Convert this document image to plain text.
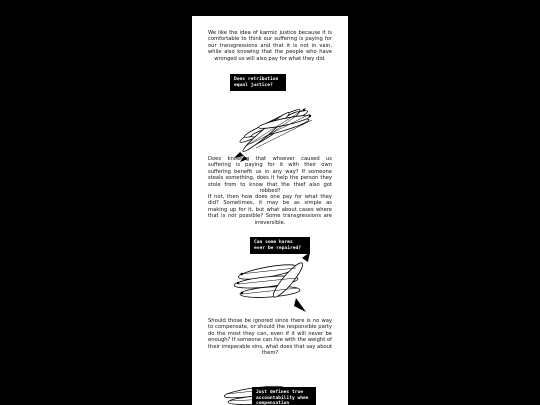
We like the idea of karmic justice because it is comfortable to think our suffering is paying for our transgressions and that it is not in vain, while also knowing that the people who have wronged us will also pay for what they did.
Does retribution equal justice?
Does knowing that whoever caused us suffering is paying for it with their own suffering benefit us in any way? If someone steals something, does it help the person they stole from to know that the thief also got robbed?
If not, then how does one pay for what they did? Sometimes, it may be as simple as making up for it, but what about cases where that is not possible? Some transgressions are irreversible.
Can some harms ever be repaired?
Should those be ignored since there is no way to compensate, or should the responsible party do the most they can, even if it will never be enough? If someone can live with the weight of their irreparable sins, what does that say about them?
Just defines true accountability when compensation
